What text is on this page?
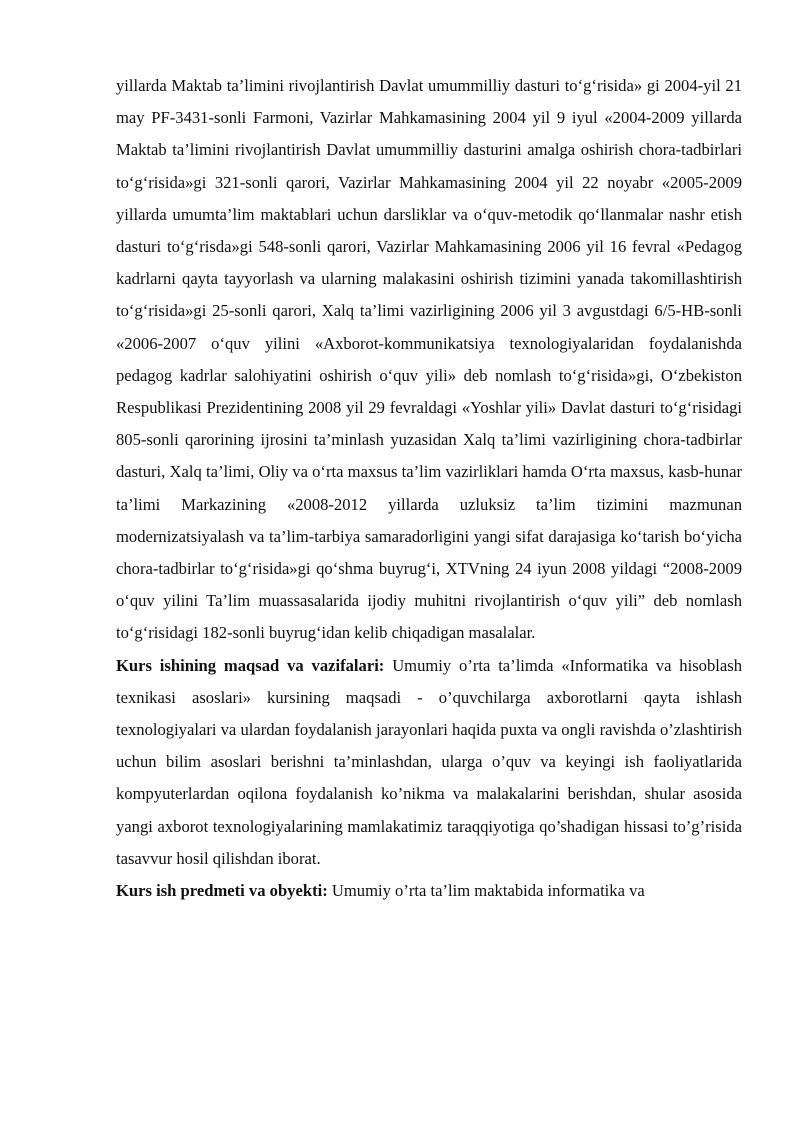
yillarda Maktab ta’limini rivojlantirish Davlat umummilliy dasturi to‘g‘risida» gi 2004-yil 21 may PF-3431-sonli Farmoni, Vazirlar Mahkamasining 2004 yil 9 iyul «2004-2009 yillarda Maktab ta’limini rivojlantirish Davlat umummilliy dasturini amalga oshirish chora-tadbirlari to‘g‘risida»gi 321-sonli qarori, Vazirlar Mahkamasining 2004 yil 22 noyabr «2005-2009 yillarda umumta’lim maktablari uchun darsliklar va o‘quv-metodik qo‘llanmalar nashr etish dasturi to‘g‘risda»gi 548-sonli qarori, Vazirlar Mahkamasining 2006 yil 16 fevral «Pedagog kadrlarni qayta tayyorlash va ularning malakasini oshirish tizimini yanada takomillashtirish to‘g‘risida»gi 25-sonli qarori, Xalq ta’limi vazirligining 2006 yil 3 avgustdagi 6/5-HB-sonli «2006-2007 o‘quv yilini «Axborot-kommunikatsiya texnologiyalaridan foydalanishda pedagog kadrlar salohiyatini oshirish o‘quv yili» deb nomlash to‘g‘risida»gi, O‘zbekiston Respublikasi Prezidentining 2008 yil 29 fevraldagi «Yoshlar yili» Davlat dasturi to‘g‘risidagi 805-sonli qarorining ijrosini ta’minlash yuzasidan Xalq ta’limi vazirligining chora-tadbirlar dasturi, Xalq ta’limi, Oliy va o‘rta maxsus ta’lim vazirliklari hamda O‘rta maxsus, kasb-hunar ta’limi Markazining «2008-2012 yillarda uzluksiz ta’lim tizimini mazmunan modernizatsiyalash va ta’lim-tarbiya samaradorligini yangi sifat darajasiga ko‘tarish bo‘yicha chora-tadbirlar to‘g‘risida»gi qo‘shma buyrug‘i, XTVning 24 iyun 2008 yildagi “2008-2009 o‘quv yilini Ta’lim muassasalarida ijodiy muhitni rivojlantirish o‘quv yili” deb nomlash to‘g‘risidagi 182-sonli buyrug‘idan kelib chiqadigan masalalar.

Kurs ishining maqsad va vazifalari: Umumiy o’rta ta’limda «Informatika va hisoblash texnikasi asoslari» kursining maqsadi - o’quvchilarga axborotlarni qayta ishlash texnologiyalari va ulardan foydalanish jarayonlari haqida puxta va ongli ravishda o’zlashtirish uchun bilim asoslari berishni ta’minlashdan, ularga o’quv va keyingi ish faoliyatlarida kompyuterlardan oqilona foydalanish ko’nikma va malakalarini berishdan, shular asosida yangi axborot texnologiyalarining mamlakatimiz taraqqiyotiga qo’shadigan hissasi to’g’risida tasavvur hosil qilishdan iborat.

Kurs ish predmeti va obyekti: Umumiy o’rta ta’lim maktabida informatika va
